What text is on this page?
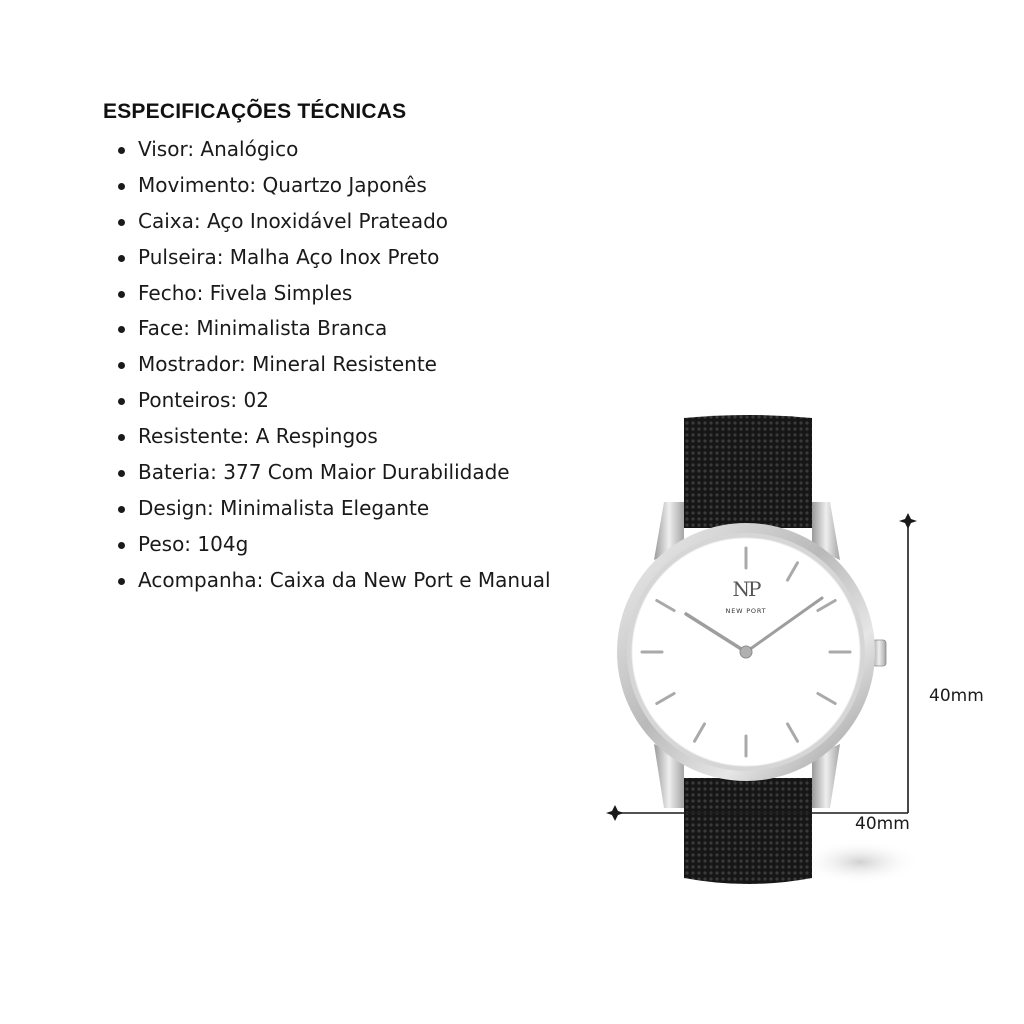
ESPECIFICAÇÕES TÉCNICAS
Visor: Analógico
Movimento: Quartzo Japonês
Caixa: Aço Inoxidável Prateado
Pulseira: Malha Aço Inox Preto
Fecho: Fivela Simples
Face: Minimalista Branca
Mostrador: Mineral Resistente
Ponteiros: 02
Resistente: A Respingos
Bateria: 377 Com Maior Durabilidade
Design: Minimalista Elegante
Peso: 104g
Acompanha: Caixa da New Port e Manual	NP
NEW PORT
40mm
40mm
